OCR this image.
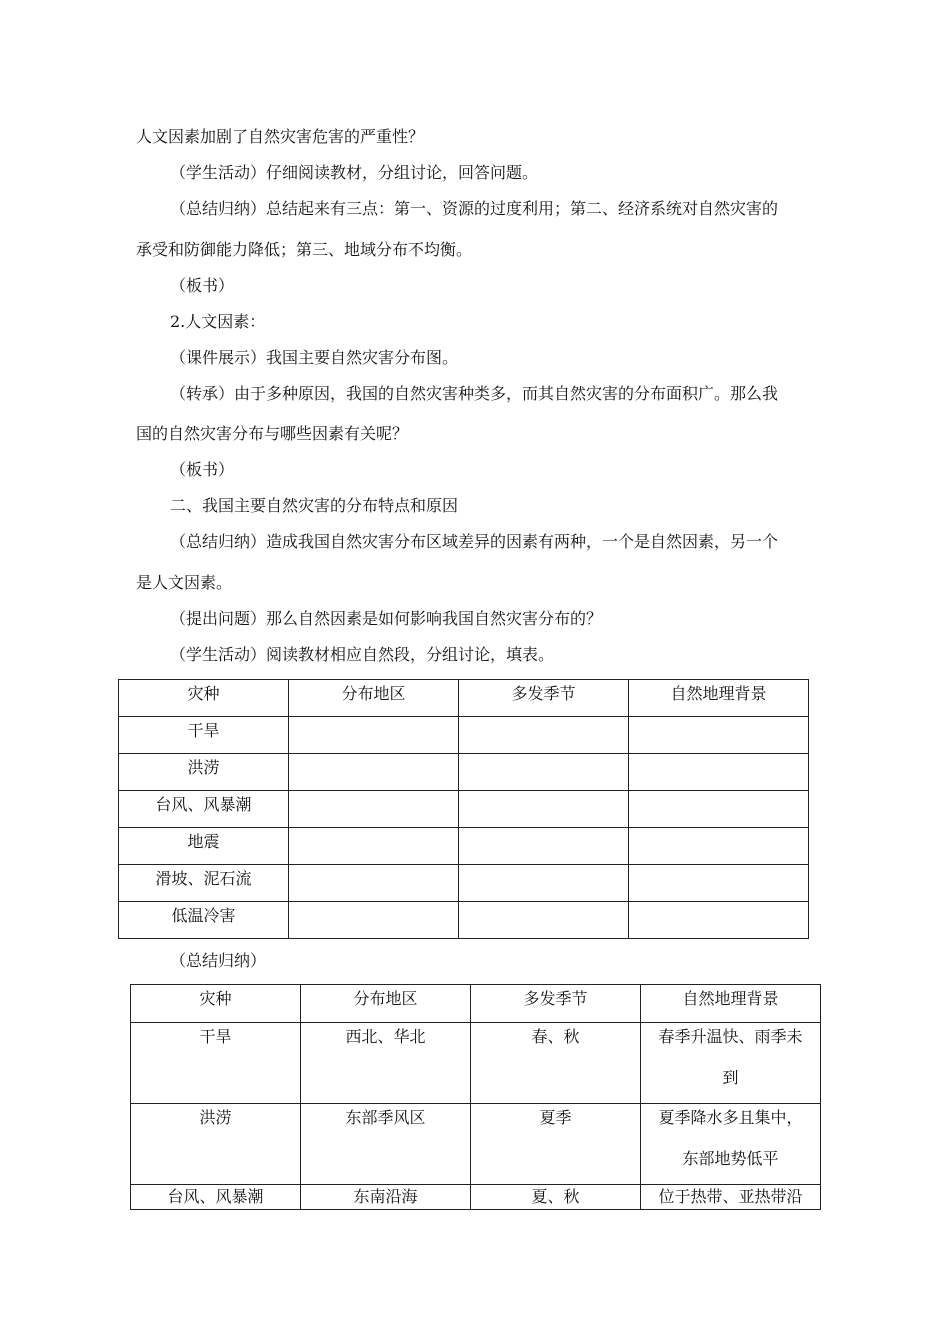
人文因素加剧了自然灾害危害的严重性？
（学生活动）仔细阅读教材，分组讨论，回答问题。
（总结归纳）总结起来有三点：第一、资源的过度利用；第二、经济系统对自然灾害的
承受和防御能力降低；第三、地域分布不均衡。
（板书）
2.人文因素：
（课件展示）我国主要自然灾害分布图。
（转承）由于多种原因，我国的自然灾害种类多，而其自然灾害的分布面积广。那么我
国的自然灾害分布与哪些因素有关呢？
（板书）
二、我国主要自然灾害的分布特点和原因
（总结归纳）造成我国自然灾害分布区域差异的因素有两种，一个是自然因素，另一个
是人文因素。
（提出问题）那么自然因素是如何影响我国自然灾害分布的？
（学生活动）阅读教材相应自然段，分组讨论，填表。
灾种	分布地区	多发季节	自然地理背景
干旱			
洪涝			
台风、风暴潮			
地震			
滑坡、泥石流			
低温冷害			
（总结归纳）
灾种	分布地区	多发季节	自然地理背景
干旱	西北、华北	春、秋	春季升温快、雨季未
到

洪涝	东部季风区	夏季	夏季降水多且集中，
东部地势低平

台风、风暴潮	东南沿海	夏、秋	位于热带、亚热带沿
